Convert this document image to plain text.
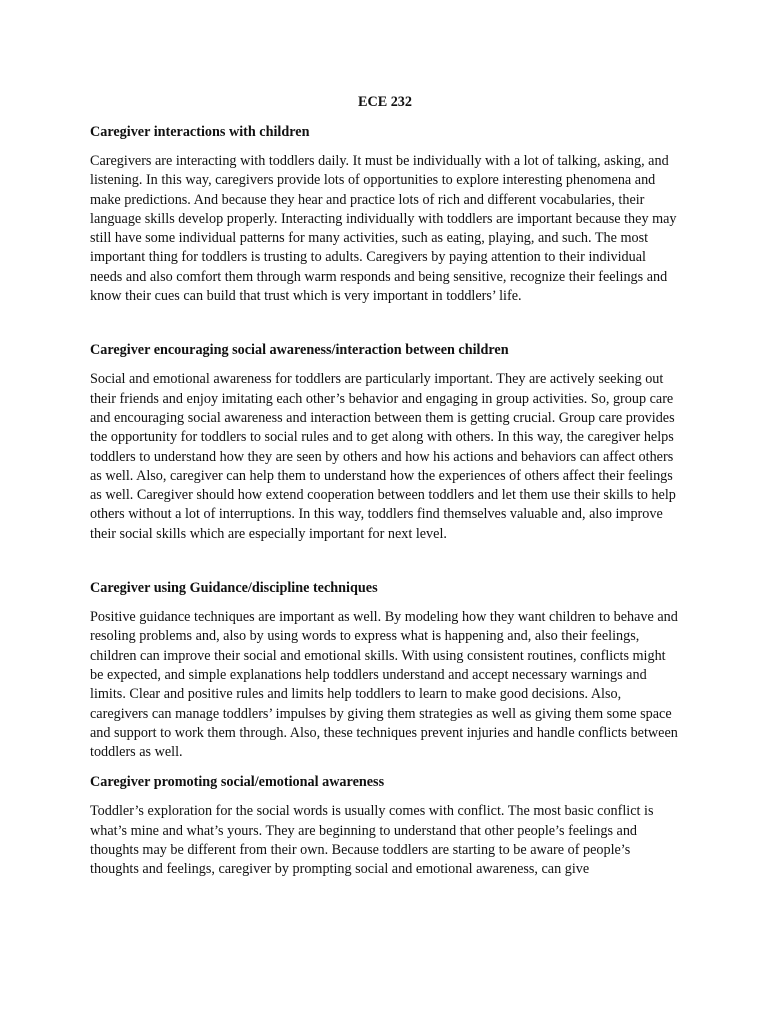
ECE 232
Caregiver interactions with children

Caregivers are interacting with toddlers daily. It must be individually with a lot of talking, asking, and listening. In this way, caregivers provide lots of opportunities to explore interesting phenomena and make predictions. And because they hear and practice lots of rich and different vocabularies, their language skills develop properly. Interacting individually with toddlers are important because they may still have some individual patterns for many activities, such as eating, playing, and such. The most important thing for toddlers is trusting to adults. Caregivers by paying attention to their individual needs and also comfort them through warm responds and being sensitive, recognize their feelings and know their cues can build that trust which is very important in toddlers’ life.

Caregiver encouraging social awareness/interaction between children

Social and emotional awareness for toddlers are particularly important. They are actively seeking out their friends and enjoy imitating each other’s behavior and engaging in group activities. So, group care and encouraging social awareness and interaction between them is getting crucial. Group care provides the opportunity for toddlers to social rules and to get along with others. In this way, the caregiver helps toddlers to understand how they are seen by others and how his actions and behaviors can affect others as well. Also, caregiver can help them to understand how the experiences of others affect their feelings as well. Caregiver should how extend cooperation between toddlers and let them use their skills to help others without a lot of interruptions. In this way, toddlers find themselves valuable and, also improve their social skills which are especially important for next level.

Caregiver using Guidance/discipline techniques

Positive guidance techniques are important as well. By modeling how they want children to behave and resoling problems and, also by using words to express what is happening and, also their feelings, children can improve their social and emotional skills. With using consistent routines, conflicts might be expected, and simple explanations help toddlers understand and accept necessary warnings and limits. Clear and positive rules and limits help toddlers to learn to make good decisions. Also, caregivers can manage toddlers’ impulses by giving them strategies as well as giving them some space and support to work them through. Also, these techniques prevent injuries and handle conflicts between toddlers as well.

Caregiver promoting social/emotional awareness

Toddler’s exploration for the social words is usually comes with conflict. The most basic conflict is what’s mine and what’s yours. They are beginning to understand that other people’s feelings and thoughts may be different from their own. Because toddlers are starting to be aware of people’s thoughts and feelings, caregiver by prompting social and emotional awareness, can give
